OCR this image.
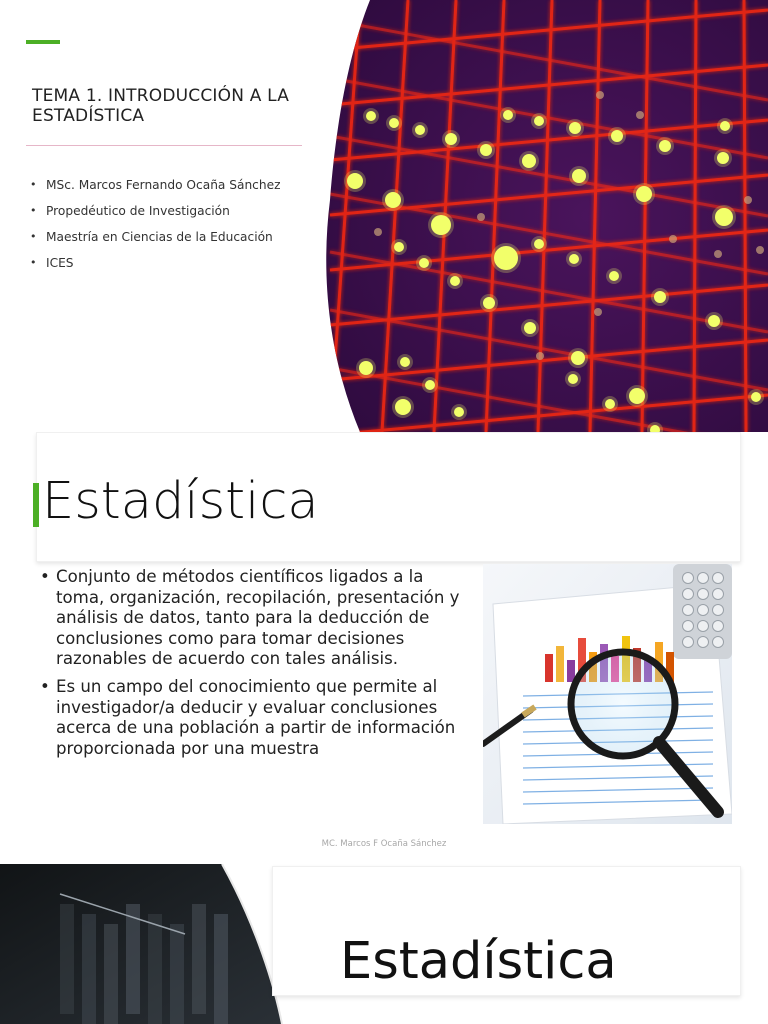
TEMA 1. INTRODUCCIÓN A LA ESTADÍSTICA
• MSc. Marcos Fernando Ocaña Sánchez
• Propedéutico de Investigación
• Maestría en Ciencias de la Educación
• ICES
Estadística
• Conjunto de métodos científicos ligados a la toma, organización, recopilación, presentación y análisis de datos, tanto para la deducción de conclusiones como para tomar decisiones razonables de acuerdo con tales análisis.
• Es un campo del conocimiento que permite al investigador/a deducir y evaluar conclusiones acerca de una población a partir de información proporcionada por una muestra
MC. Marcos F Ocaña Sánchez
Estadística
